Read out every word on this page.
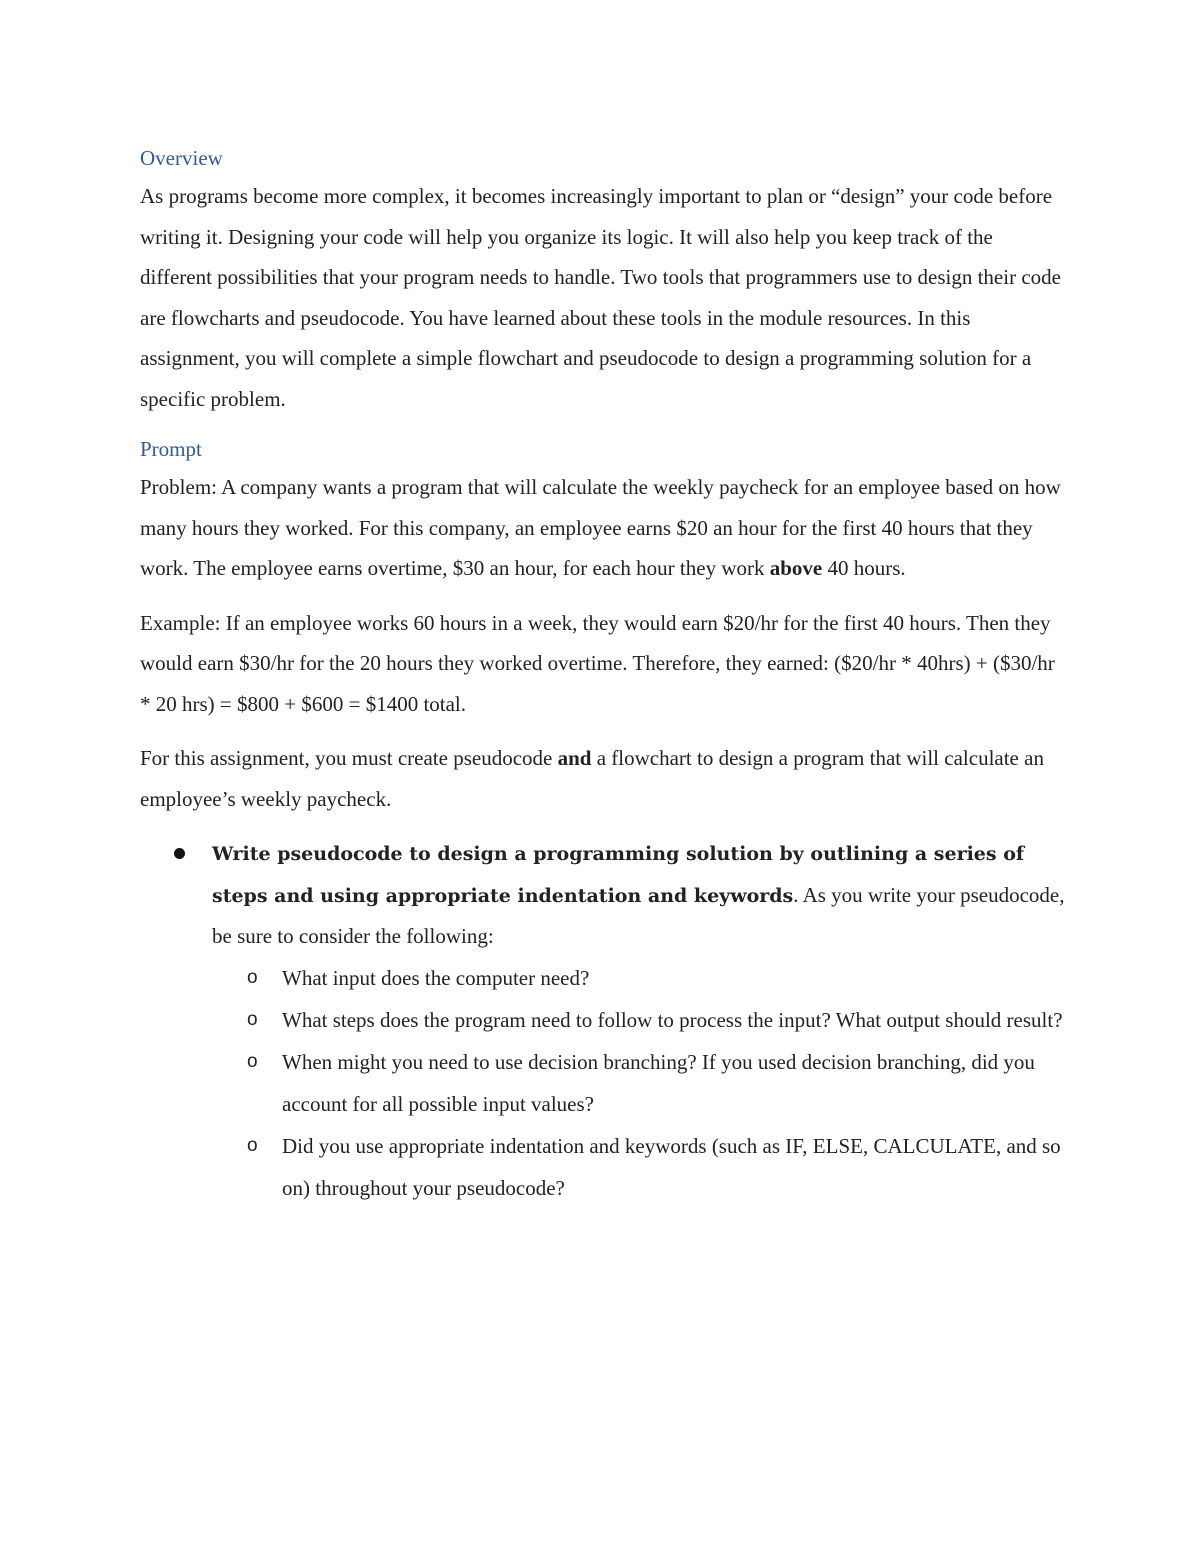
Overview

As programs become more complex, it becomes increasingly important to plan or “design” your code before writing it. Designing your code will help you organize its logic. It will also help you keep track of the different possibilities that your program needs to handle. Two tools that programmers use to design their code are flowcharts and pseudocode. You have learned about these tools in the module resources. In this assignment, you will complete a simple flowchart and pseudocode to design a programming solution for a specific problem.

Prompt

Problem: A company wants a program that will calculate the weekly paycheck for an employee based on how many hours they worked. For this company, an employee earns $20 an hour for the first 40 hours that they work. The employee earns overtime, $30 an hour, for each hour they work above 40 hours.

Example: If an employee works 60 hours in a week, they would earn $20/hr for the first 40 hours. Then they would earn $30/hr for the 20 hours they worked overtime. Therefore, they earned: ($20/hr * 40hrs) + ($30/hr * 20 hrs) = $800 + $600 = $1400 total.

For this assignment, you must create pseudocode and a flowchart to design a program that will calculate an employee’s weekly paycheck.

Write pseudocode to design a programming solution by outlining a series of steps and using appropriate indentation and keywords. As you write your pseudocode, be sure to consider the following:
o What input does the computer need?
o What steps does the program need to follow to process the input? What output should result?
o When might you need to use decision branching? If you used decision branching, did you account for all possible input values?
o Did you use appropriate indentation and keywords (such as IF, ELSE, CALCULATE, and so on) throughout your pseudocode?
